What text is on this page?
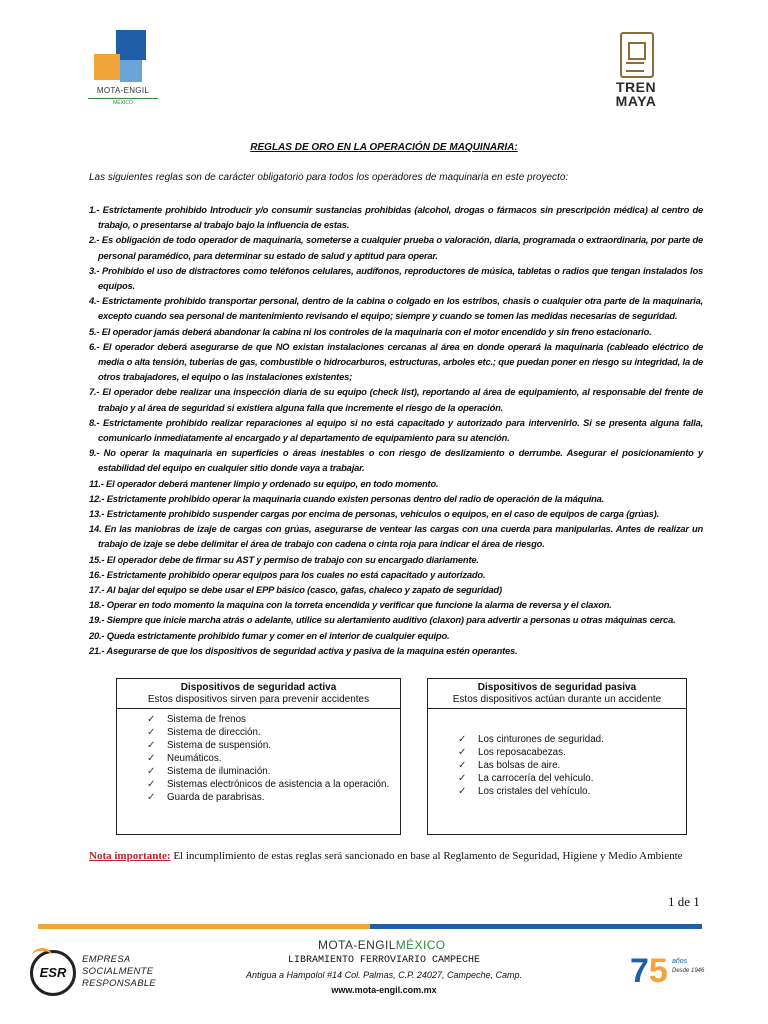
MOTA-ENGIL
MÉXICO
TREN
MAYA
REGLAS DE ORO EN LA OPERACIÓN DE MAQUINARIA:
Las siguientes reglas son de carácter obligatorio para todos los operadores de maquinaria en este proyecto:

1.- Estrictamente prohibido Introducir y/o consumir sustancias prohibidas (alcohol, drogas o fármacos sin prescripción médica) al centro de trabajo, o presentarse al trabajo bajo la influencia de estas.

2.- Es obligación de todo operador de maquinaria, someterse a cualquier prueba o valoración, diaria, programada o extraordinaria, por parte de personal paramédico, para determinar su estado de salud y aptitud para operar.

3.- Prohibido el uso de distractores como teléfonos celulares, audífonos, reproductores de música, tabletas o radios que tengan instalados los equipos.

4.- Estrictamente prohibido transportar personal, dentro de la cabina o colgado en los estribos, chasis o cualquier otra parte de la maquinaria, excepto cuando sea personal de mantenimiento revisando el equipo; siempre y cuando se tomen las medidas necesarias de seguridad.

5.- El operador jamás deberá abandonar la cabina ni los controles de la maquinaria con el motor encendido y sin freno estacionario.

6.- El operador deberá asegurarse de que NO existan instalaciones cercanas al área en donde operará la maquinaria (cableado eléctrico de media o alta tensión, tuberías de gas, combustible o hidrocarburos, estructuras, arboles etc.; que puedan poner en riesgo su integridad, la de otros trabajadores, el equipo o las instalaciones existentes;

7.- El operador debe realizar una inspección diaria de su equipo (check list), reportando al área de equipamiento, al responsable del frente de trabajo y al área de seguridad si existiera alguna falla que incremente el riesgo de la operación.

8.- Estrictamente prohibido realizar reparaciones al equipo si no está capacitado y autorizado para intervenirlo. Si se presenta alguna falla, comunicarlo inmediatamente al encargado y al departamento de equipamiento para su atención.

9.- No operar la maquinaria en superficies o áreas inestables o con riesgo de deslizamiento o derrumbe. Asegurar el posicionamiento y estabilidad del equipo en cualquier sitio donde vaya a trabajar.

11.- El operador deberá mantener limpio y ordenado su equipo, en todo momento.

12.- Estrictamente prohibido operar la maquinaria cuando existen personas dentro del radio de operación de la máquina.

13.- Estrictamente prohibido suspender cargas por encima de personas, vehículos o equipos, en el caso de equipos de carga (grúas).

14. En las maniobras de izaje de cargas con grúas, asegurarse de ventear las cargas con una cuerda para manipularlas. Antes de realizar un trabajo de izaje se debe delimitar el área de trabajo con cadena o cinta roja para indicar el área de riesgo.

15.- El operador debe de firmar su AST y permiso de trabajo con su encargado diariamente.

16.- Estrictamente prohibido operar equipos para los cuales no está capacitado y autorizado.

17.- Al bajar del equipo se debe usar el EPP básico (casco, gafas, chaleco y zapato de seguridad)

18.- Operar en todo momento la maquina con la torreta encendida y verificar que funcione la alarma de reversa y el claxon.

19.- Siempre que inicie marcha atrás o adelante, utilice su alertamiento auditivo (claxon) para advertir a personas u otras máquinas cerca.

20.- Queda estrictamente prohibido fumar y comer en el interior de cualquier equipo.

21.- Asegurarse de que los dispositivos de seguridad activa y pasiva de la maquina estén operantes.

Dispositivos de seguridad activa
Estos dispositivos sirven para prevenir accidentes
✓ Sistema de frenos
✓ Sistema de dirección.
✓ Sistema de suspensión.
✓ Neumáticos.
✓ Sistema de iluminación.
✓ Sistemas electrónicos de asistencia a la operación.
✓ Guarda de parabrisas.
Dispositivos de seguridad pasiva
Estos dispositivos actúan durante un accidente
✓ Los cinturones de seguridad.
✓ Los reposacabezas.
✓ Las bolsas de aire.
✓ La carrocería del vehículo.
✓ Los cristales del vehículo.
Nota importante: El incumplimiento de estas reglas será sancionado en base al Reglamento de Seguridad, Higiene y Medio Ambiente
1 de 1
ESR
EMPRESA
SOCIALMENTE
RESPONSABLE
MOTA-ENGILMÉXICO
LIBRAMIENTO FERROVIARIO CAMPECHE
Antigua a Hampolol #14 Col. Palmas, C.P. 24027, Campeche, Camp.
www.mota-engil.com.mx	75 años
Desde 1946
